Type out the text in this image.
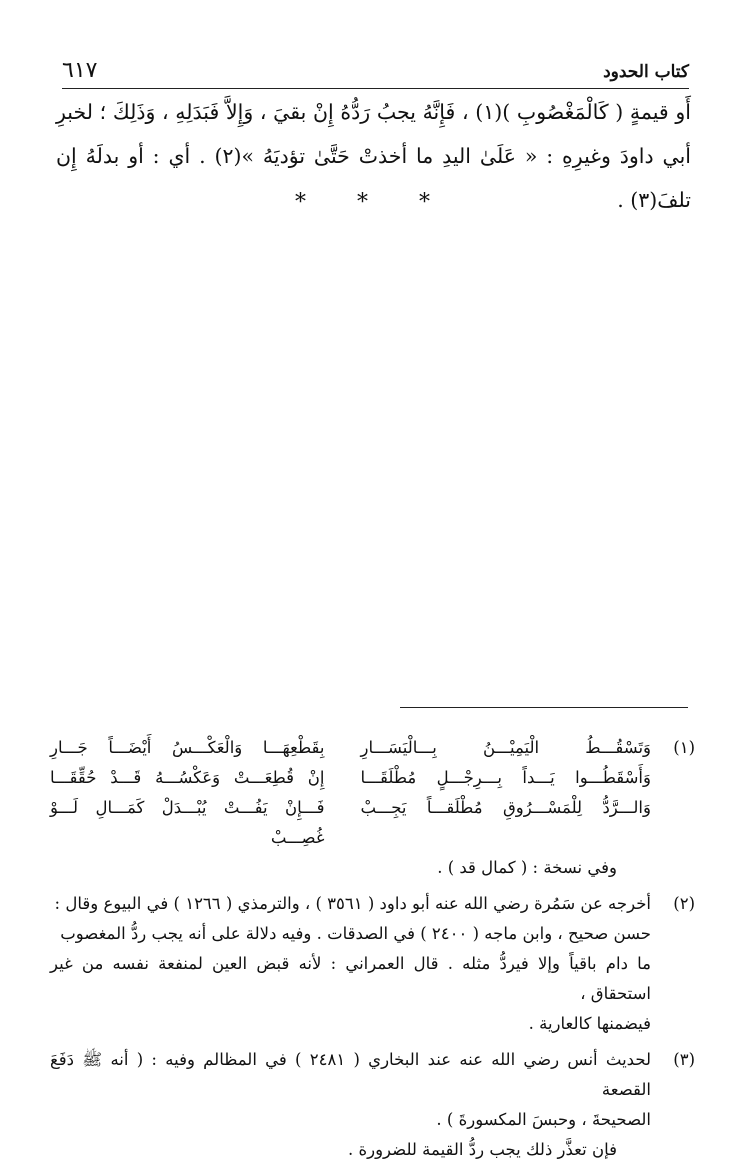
٦١٧	كتاب الحدود

أَو قيمةٍ ( كَالْمَغْصُوبِ )(١) ، فَإِنَّهُ يجبُ رَدُّهُ إِنْ بقيَ ، وَإِلاَّ فَبَدَلِهِ ، وَذَلِكَ ؛ لخبرِ أبي داودَ وغيرِهِ : « عَلَىٰ اليدِ ما أخذتْ حَتَّىٰ تؤديَهُ »(٢) . أي : أو بدلَهُ إِن تلفَ(٣) .

* * *
(١)
وَتَسْقُـــطُ الْيَمِيْـــنُ بِـــالْيَسَـــارِ
بِقَطْعِهَـــا وَالْعَكْـــسُ أَيْضَـــاً جَـــارِ
وَأَسْقَطُـــوا يَـــداً بِـــرِجْـــلٍ مُطْلَقَـــا
إِنْ قُطِعَـــتْ وَعَكْسُـــهُ قَـــدْ حُقِّقَـــا
وَالـــرَّدُّ لِلْمَسْـــرُوقِ مُطْلَقـــاً يَجِـــبْ
فَـــإِنْ يَفُـــتْ يُبْـــدَلْ كَمَـــالِ لَـــوْ غُصِـــبْ
وفي نسخة : ( كمال قد ) .
(٢)
أخرجه عن سَمُرة رضي الله عنه أبو داود ( ٣٥٦١ ) ، والترمذي ( ١٢٦٦ ) في البيوع وقال :
حسن صحيح ، وابن ماجه ( ٢٤٠٠ ) في الصدقات . وفيه دلالة على أنه يجب ردُّ المغصوب
ما دام باقياً وإلا فيردُّ مثله . قال العمراني : لأنه قبض العين لمنفعة نفسه من غير استحقاق ،
فيضمنها كالعارية .
(٣)
لحديث أنس رضي الله عنه عند البخاري ( ٢٤٨١ ) في المظالم وفيه : ( أنه ﷺ دَفَعَ القصعة
الصحيحةَ ، وحبسَ المكسورةَ ) .
فإن تعذَّر ذلك يجب ردُّ القيمة للضرورة .
